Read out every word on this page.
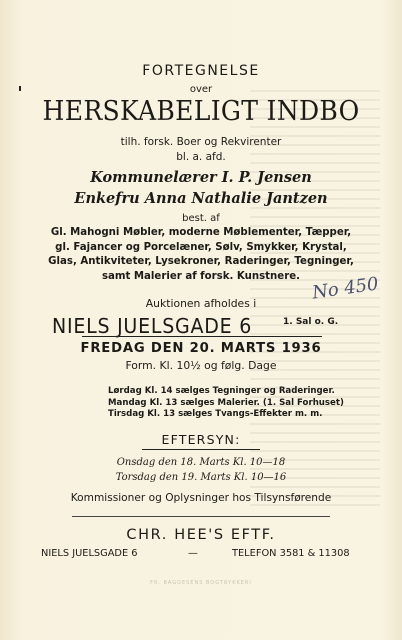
FORTEGNELSE
over
HERSKABELIGT INDBO
tilh. forsk. Boer og Rekvirenter
bl. a. afd.
Kommunelærer I. P. Jensen
Enkefru Anna Nathalie Jantzen
best. af
Gl. Mahogni Møbler, moderne Møblementer, Tæpper,
gl. Fajancer og Porcelæner, Sølv, Smykker, Krystal,
Glas, Antikviteter, Lysekroner, Raderinger, Tegninger,
samt Malerier af forsk. Kunstnere. No 450
Auktionen afholdes i
NIELS JUELSGADE 6	1. Sal o. G.
FREDAG DEN 20. MARTS 1936
Form. Kl. 10½ og følg. Dage
Lørdag Kl. 14 sælges Tegninger og Raderinger.
Mandag Kl. 13 sælges Malerier. (1. Sal Forhuset)
Tirsdag Kl. 13 sælges Tvangs-Effekter m. m.
EFTERSYN:
Onsdag den 18. Marts Kl. 10—18
Torsdag den 19. Marts Kl. 10—16
Kommissioner og Oplysninger hos Tilsynsførende
CHR. HEE'S EFTF.
NIELS JUELSGADE 6	—	TELEFON 3581 & 11308
FR. BAGGESENS BOGTRYKKERI
